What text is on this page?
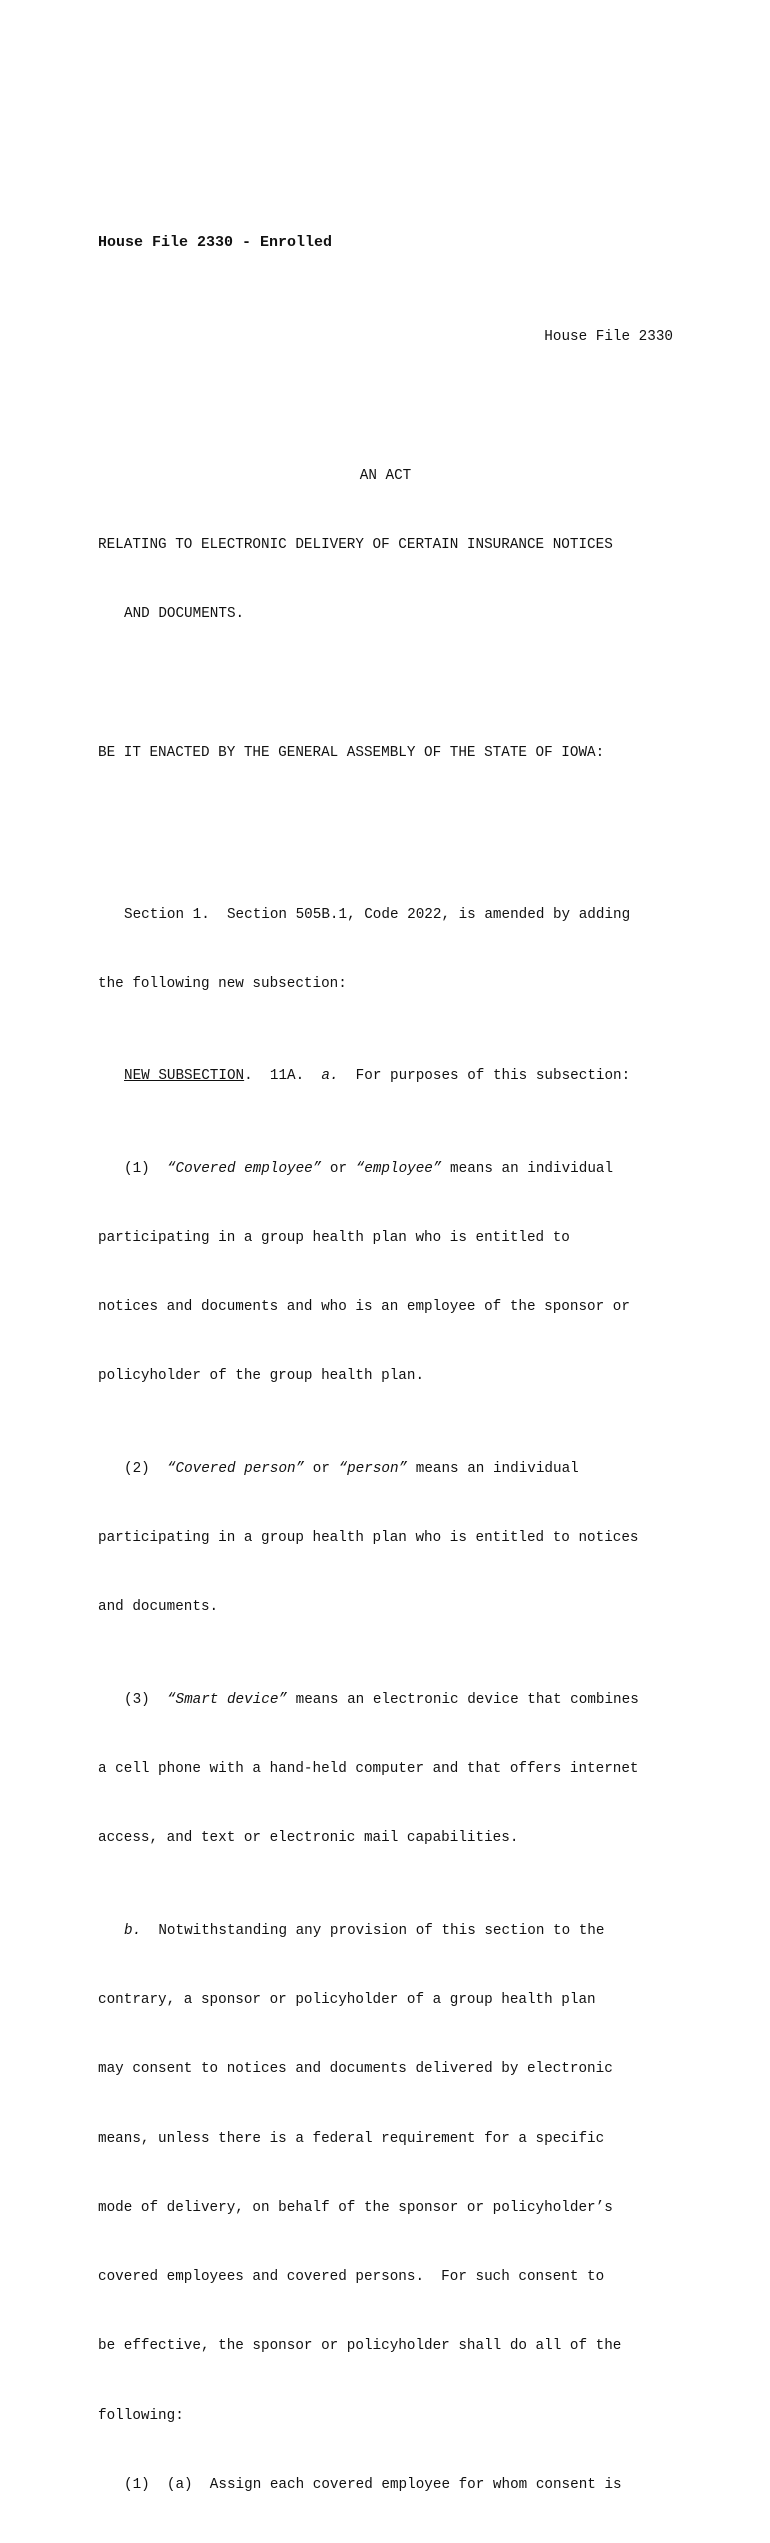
House File 2330 - Enrolled

House File 2330

AN ACT

RELATING TO ELECTRONIC DELIVERY OF CERTAIN INSURANCE NOTICES

AND DOCUMENTS.

BE IT ENACTED BY THE GENERAL ASSEMBLY OF THE STATE OF IOWA:

Section 1.  Section 505B.1, Code 2022, is amended by adding

the following new subsection:

NEW SUBSECTION.  11A.  a.  For purposes of this subsection:

(1)  “Covered employee” or “employee” means an individual

participating in a group health plan who is entitled to

notices and documents and who is an employee of the sponsor or

policyholder of the group health plan.

(2)  “Covered person” or “person” means an individual

participating in a group health plan who is entitled to notices

and documents.

(3)  “Smart device” means an electronic device that combines

a cell phone with a hand-held computer and that offers internet

access, and text or electronic mail capabilities.

b.  Notwithstanding any provision of this section to the

contrary, a sponsor or policyholder of a group health plan

may consent to notices and documents delivered by electronic

means, unless there is a federal requirement for a specific

mode of delivery, on behalf of the sponsor or policyholder’s

covered employees and covered persons.  For such consent to

be effective, the sponsor or policyholder shall do all of the

following:

(1)  (a)  Assign each covered employee for whom consent is
